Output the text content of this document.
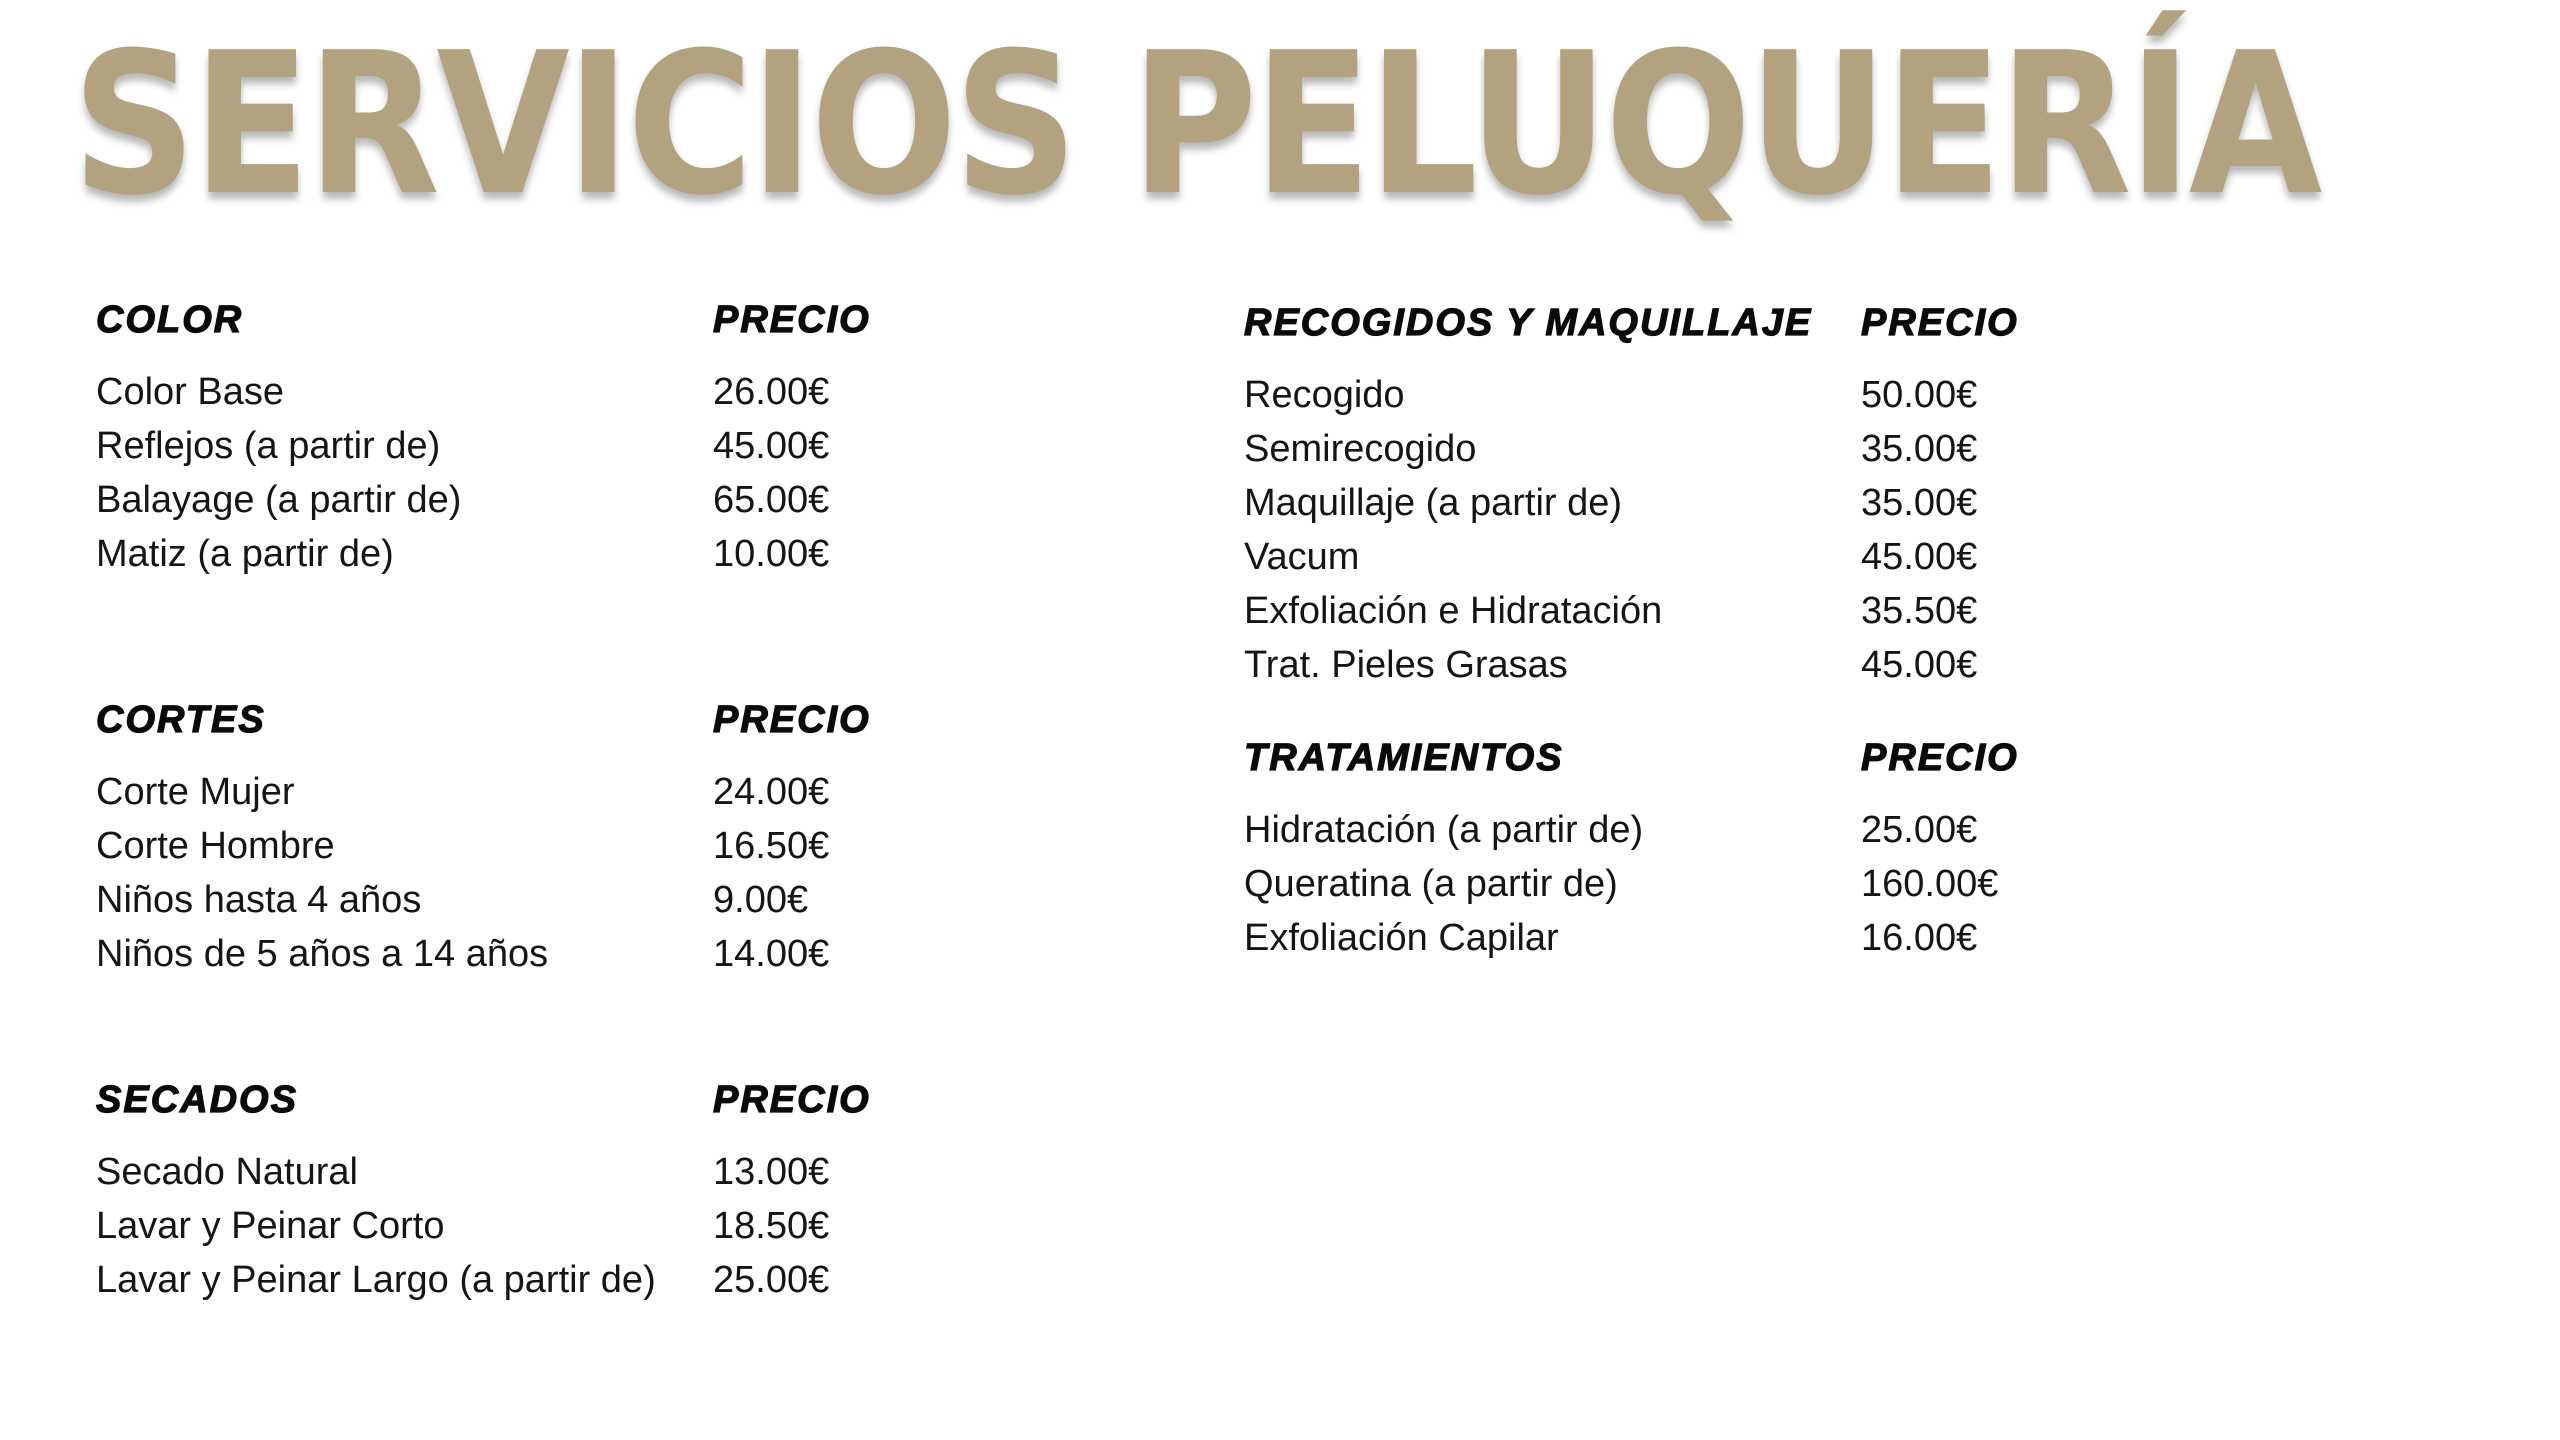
SERVICIOS PELUQUERÍA
COLOR	PRECIO
Color Base	26.00€
Reflejos (a partir de)	45.00€
Balayage (a partir de)	65.00€
Matiz (a partir de)	10.00€
CORTES	PRECIO
Corte Mujer	24.00€
Corte Hombre	16.50€
Niños hasta 4 años	9.00€
Niños de 5 años a 14 años	14.00€
SECADOS	PRECIO
Secado Natural	13.00€
Lavar y Peinar Corto	18.50€
Lavar y Peinar Largo (a partir de) 25.00€
RECOGIDOS Y MAQUILLAJE PRECIO
Recogido	50.00€
Semirecogido	35.00€
Maquillaje (a partir de)	35.00€
Vacum	45.00€
Exfoliación e Hidratación	35.50€
Trat. Pieles Grasas	45.00€
TRATAMIENTOS	PRECIO
Hidratación (a partir de)	25.00€
Queratina (a partir de)	160.00€
Exfoliación Capilar	16.00€
